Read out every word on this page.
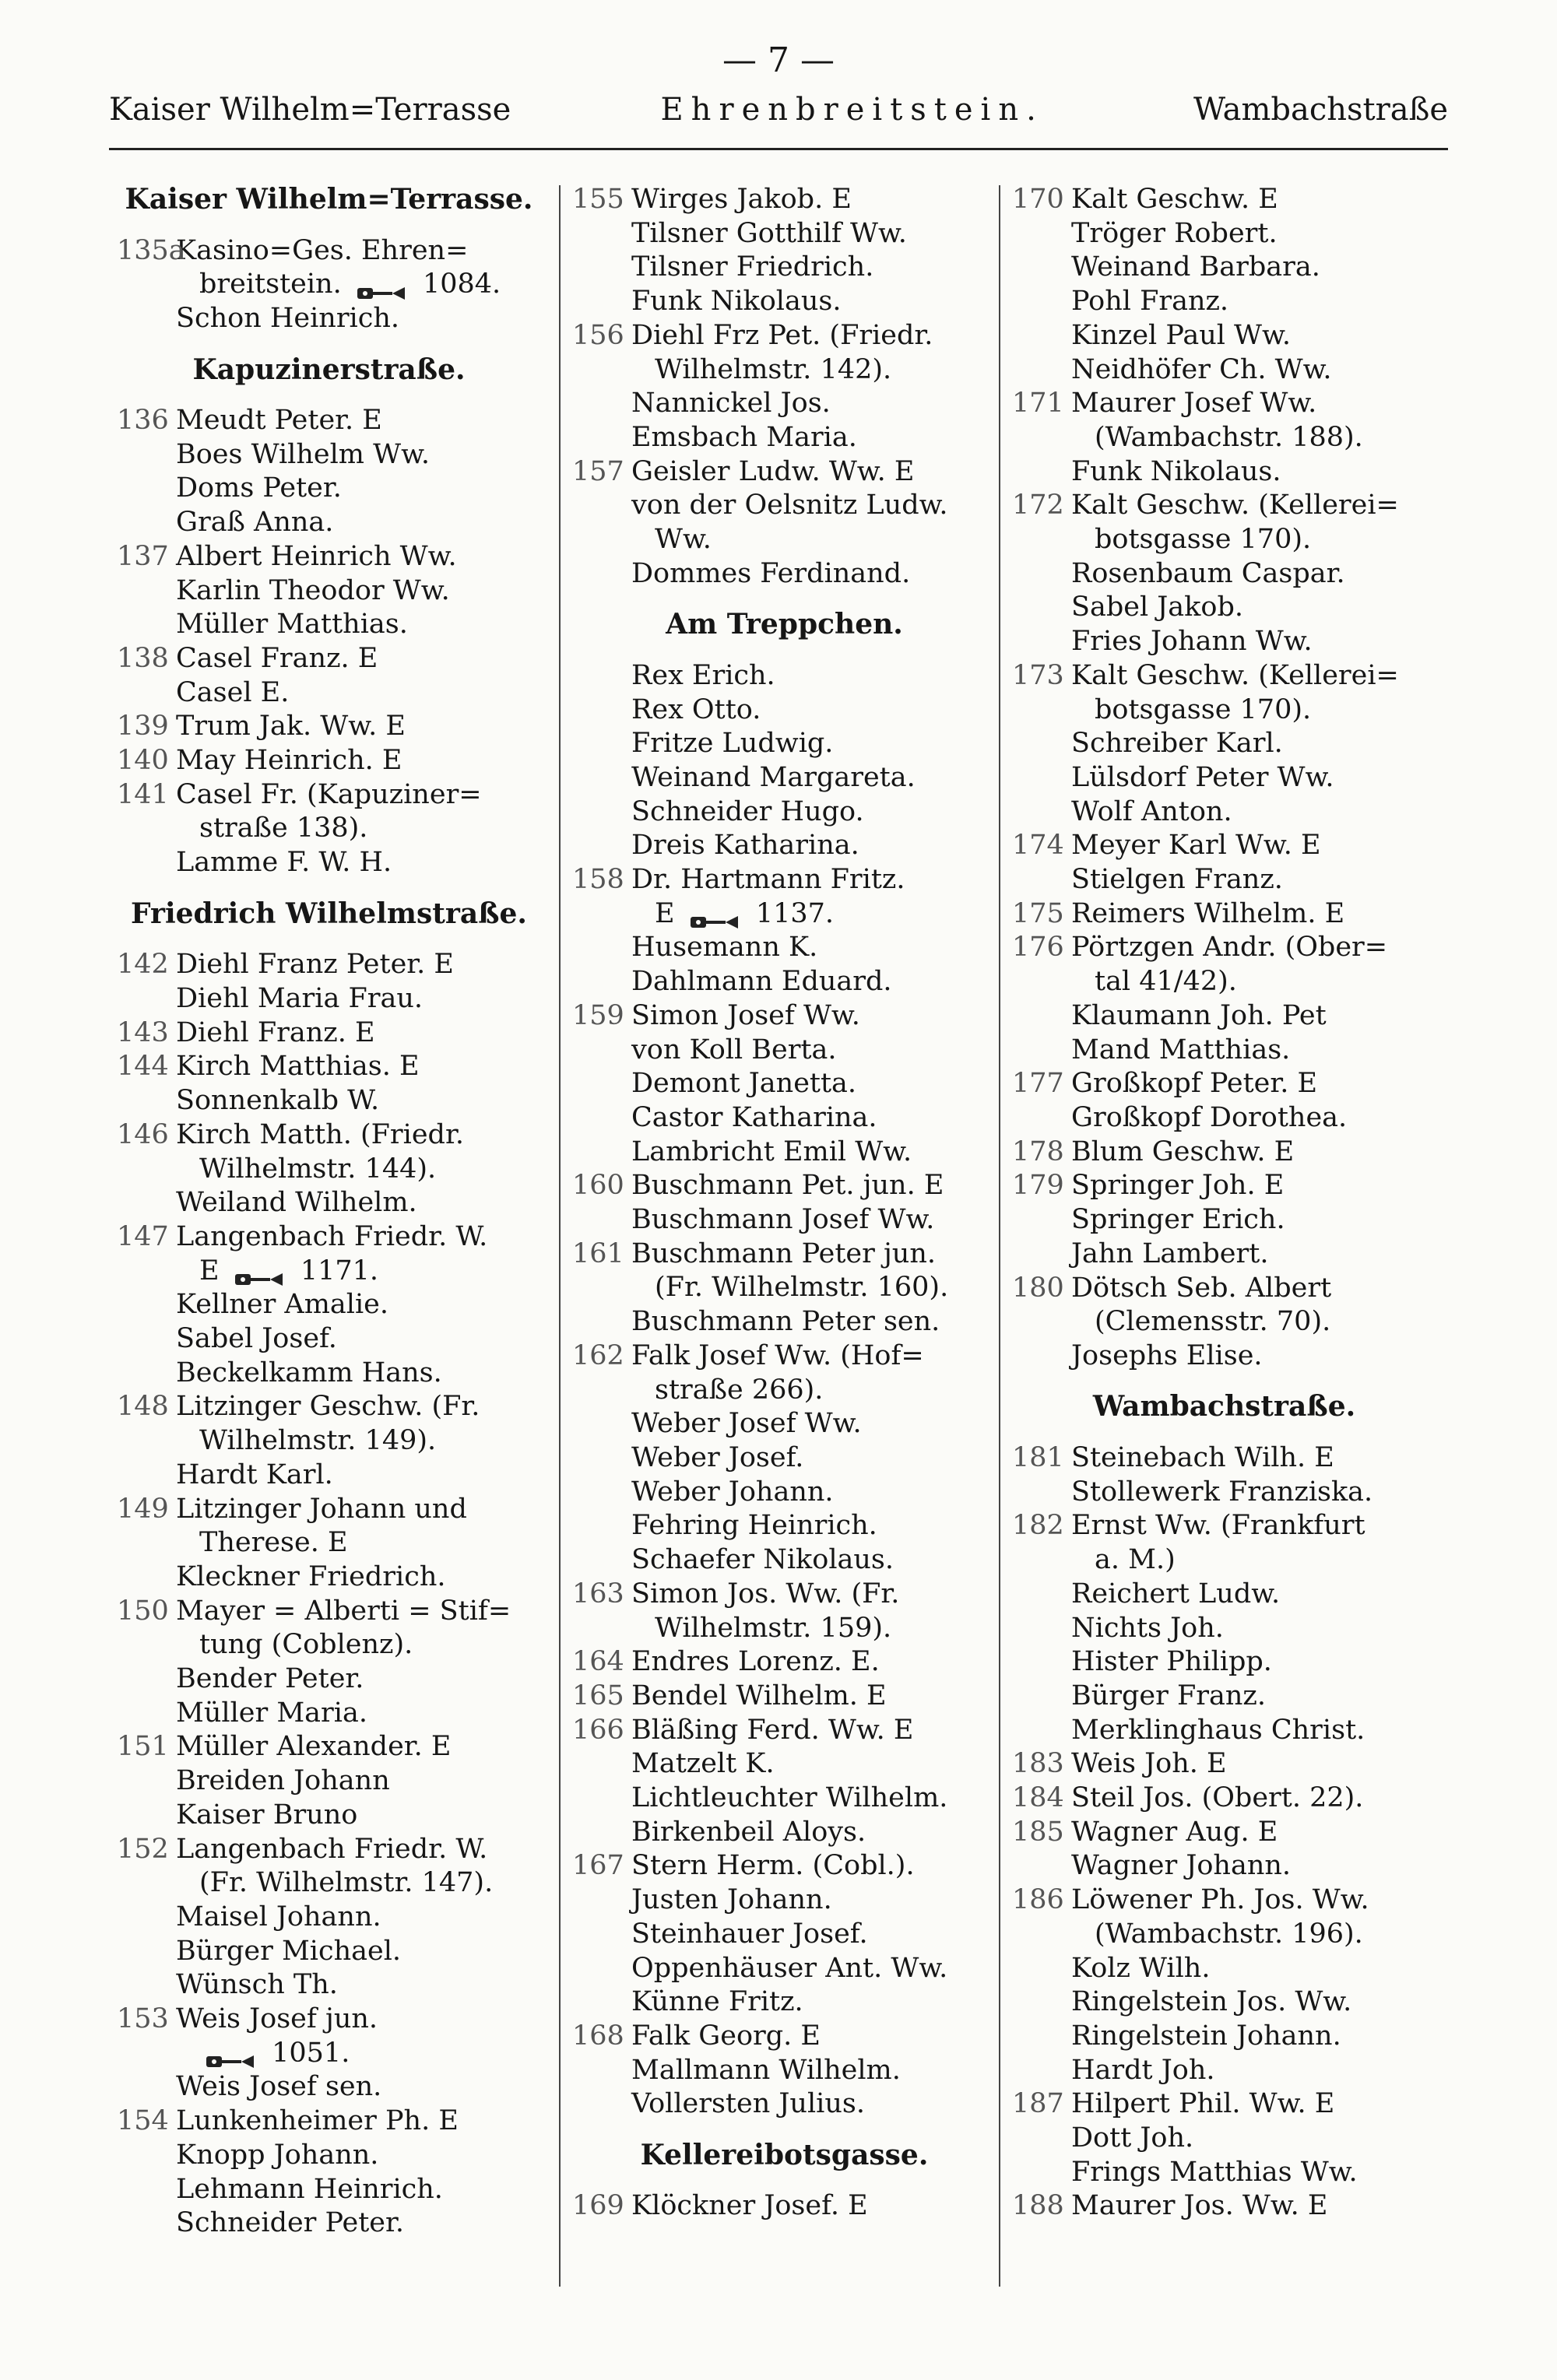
— 7 —
Kaiser Wilhelm=Terrasse	Ehrenbreitstein.	Wambachstraße
Kaiser Wilhelm=Terrasse.
135a
Kasino=Ges. Ehren=
breitstein.  1084.
Schon Heinrich.
Kapuzinerstraße.
136 Meudt Peter. E
Boes Wilhelm Ww.
Doms Peter.
Graß Anna.
137 Albert Heinrich Ww.
Karlin Theodor Ww.
Müller Matthias.
138 Casel Franz. E
Casel E.
139 Trum Jak. Ww. E
140 May Heinrich. E
141 Casel Fr. (Kapuziner=
straße 138).
Lamme F. W. H.
Friedrich Wilhelmstraße.
142 Diehl Franz Peter. E
Diehl Maria Frau.
143 Diehl Franz. E
144 Kirch Matthias. E
Sonnenkalb W.
146 Kirch Matth. (Friedr.
Wilhelmstr. 144).
Weiland Wilhelm.
147 Langenbach Friedr. W.
E  1171.
Kellner Amalie.
Sabel Josef.
Beckelkamm Hans.
148 Litzinger Geschw. (Fr.
Wilhelmstr. 149).
Hardt Karl.
149 Litzinger Johann und
Therese. E
Kleckner Friedrich.
150 Mayer = Alberti = Stif=
tung (Coblenz).
Bender Peter.
Müller Maria.
151 Müller Alexander. E
Breiden Johann
Kaiser Bruno
152 Langenbach Friedr. W.
(Fr. Wilhelmstr. 147).
Maisel Johann.
Bürger Michael.
Wünsch Th.
153 Weis Josef jun.
1051.
Weis Josef sen.
154 Lunkenheimer Ph. E
Knopp Johann.
Lehmann Heinrich.
Schneider Peter.
155 Wirges Jakob. E
Tilsner Gotthilf Ww.
Tilsner Friedrich.
Funk Nikolaus.
156 Diehl Frz Pet. (Friedr.
Wilhelmstr. 142).
Nannickel Jos.
Emsbach Maria.
157 Geisler Ludw. Ww. E
von der Oelsnitz Ludw.
Ww.
Dommes Ferdinand.
Am Treppchen.
Rex Erich.
Rex Otto.
Fritze Ludwig.
Weinand Margareta.
Schneider Hugo.
Dreis Katharina.
158 Dr. Hartmann Fritz.
E  1137.
Husemann K.
Dahlmann Eduard.
159 Simon Josef Ww.
von Koll Berta.
Demont Janetta.
Castor Katharina.
Lambricht Emil Ww.
160 Buschmann Pet. jun. E
Buschmann Josef Ww.
161 Buschmann Peter jun.
(Fr. Wilhelmstr. 160).
Buschmann Peter sen.
162 Falk Josef Ww. (Hof=
straße 266).
Weber Josef Ww.
Weber Josef.
Weber Johann.
Fehring Heinrich.
Schaefer Nikolaus.
163 Simon Jos. Ww. (Fr.
Wilhelmstr. 159).
164 Endres Lorenz. E.
165 Bendel Wilhelm. E
166 Bläßing Ferd. Ww. E
Matzelt K.
Lichtleuchter Wilhelm.
Birkenbeil Aloys.
167 Stern Herm. (Cobl.).
Justen Johann.
Steinhauer Josef.
Oppenhäuser Ant. Ww.
Künne Fritz.
168 Falk Georg. E
Mallmann Wilhelm.
Vollersten Julius.
Kellereibotsgasse.
169 Klöckner Josef. E
170 Kalt Geschw. E
Tröger Robert.
Weinand Barbara.
Pohl Franz.
Kinzel Paul Ww.
Neidhöfer Ch. Ww.
171 Maurer Josef Ww.
(Wambachstr. 188).
Funk Nikolaus.
172 Kalt Geschw. (Kellerei=
botsgasse 170).
Rosenbaum Caspar.
Sabel Jakob.
Fries Johann Ww.
173 Kalt Geschw. (Kellerei=
botsgasse 170).
Schreiber Karl.
Lülsdorf Peter Ww.
Wolf Anton.
174 Meyer Karl Ww. E
Stielgen Franz.
175 Reimers Wilhelm. E
176 Pörtzgen Andr. (Ober=
tal 41/42).
Klaumann Joh. Pet
Mand Matthias.
177 Großkopf Peter. E
Großkopf Dorothea.
178 Blum Geschw. E
179 Springer Joh. E
Springer Erich.
Jahn Lambert.
180 Dötsch Seb. Albert
(Clemensstr. 70).
Josephs Elise.
Wambachstraße.
181 Steinebach Wilh. E
Stollewerk Franziska.
182 Ernst Ww. (Frankfurt
a. M.)
Reichert Ludw.
Nichts Joh.
Hister Philipp.
Bürger Franz.
Merklinghaus Christ.
183 Weis Joh. E
184 Steil Jos. (Obert. 22).
185 Wagner Aug. E
Wagner Johann.
186 Löwener Ph. Jos. Ww.
(Wambachstr. 196).
Kolz Wilh.
Ringelstein Jos. Ww.
Ringelstein Johann.
Hardt Joh.
187 Hilpert Phil. Ww. E
Dott Joh.
Frings Matthias Ww.
188 Maurer Jos. Ww. E
